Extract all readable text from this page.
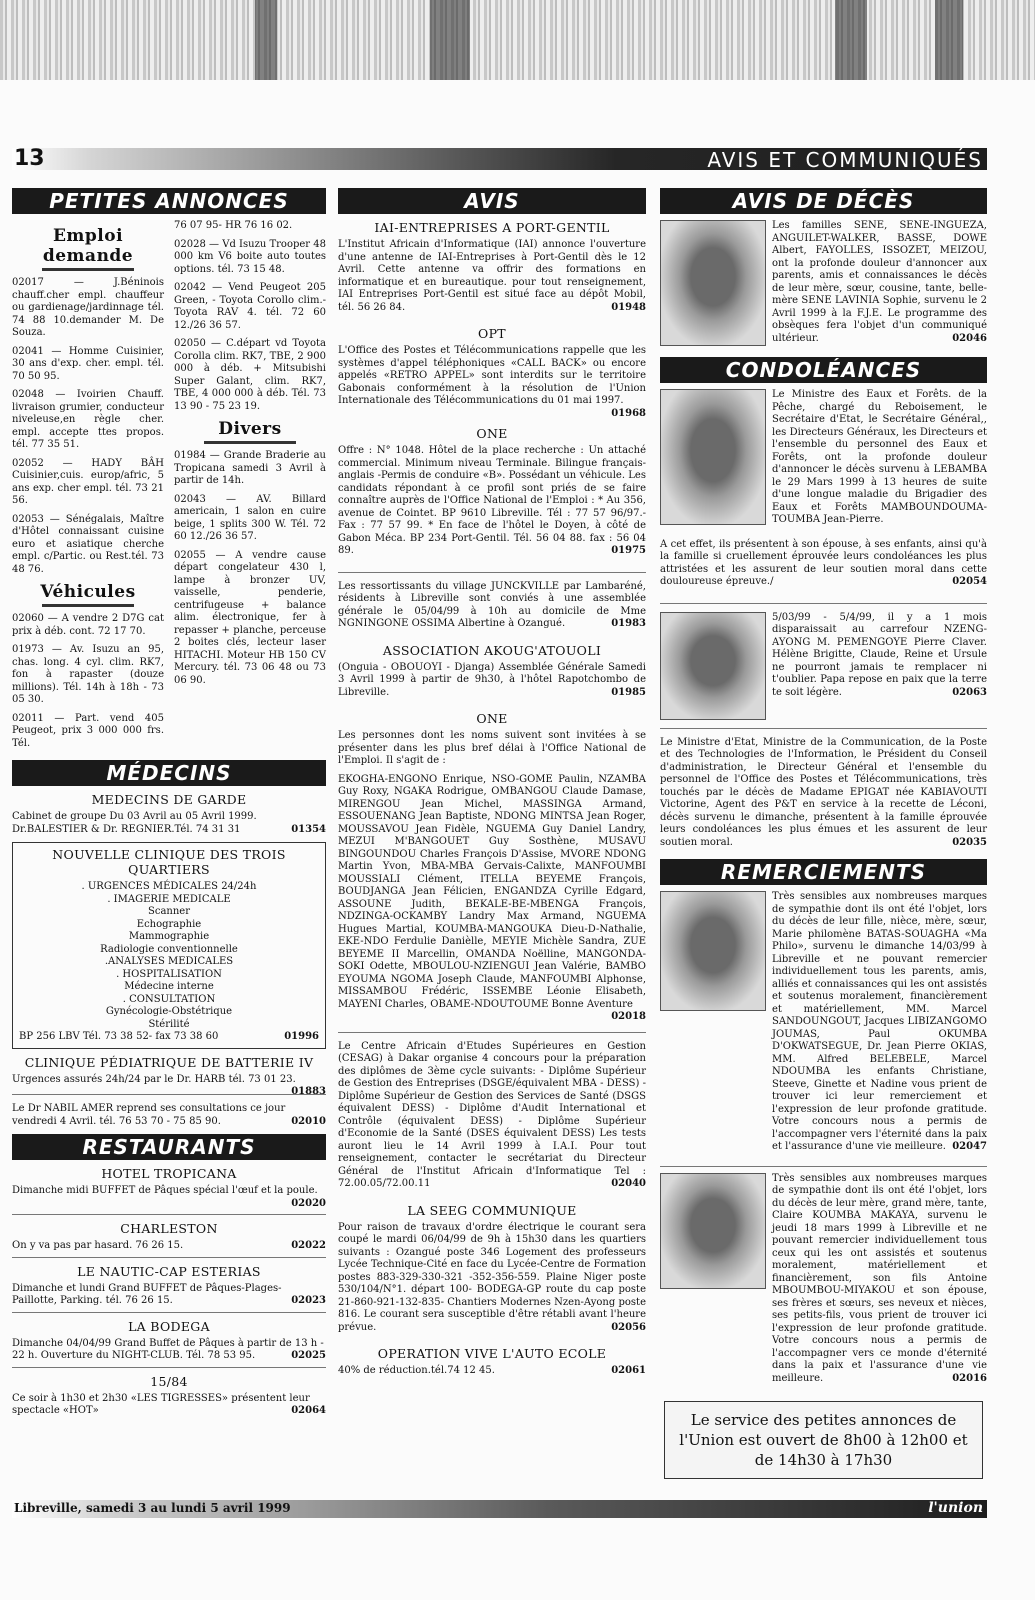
13	AVIS ET COMMUNIQUÉS
PETITES ANNONCES
Emploi demande

02017 — J.Béninois chauff.cher empl. chauffeur ou gardienage/jardinnage tél. 74 88 10.demander M. De Souza.

02041 — Homme Cuisinier, 30 ans d'exp. cher. empl. tél. 70 50 95.

02048 — Ivoirien Chauff. livraison grumier, conducteur niveleuse,en règle cher. empl. accepte ttes propos. tél. 77 35 51.

02052 — HADY BÂH Cuisinier,cuis. europ/afric, 5 ans exp. cher empl. tél. 73 21 56.

02053 — Sénégalais, Maître d'Hôtel connaissant cuisine euro et asiatique cherche empl. c/Partic. ou Rest.tél. 73 48 76.

Véhicules

02060 — A vendre 2 D7G cat prix à déb. cont. 72 17 70.

01973 — Av. Isuzu an 95, chas. long. 4 cyl. clim. RK7, fon à rapaster (douze millions). Tél. 14h à 18h - 73 05 30.

02011 — Part. vend 405 Peugeot, prix 3 000 000 frs. Tél.

76 07 95- HR 76 16 02.

02028 — Vd Isuzu Trooper 48 000 km V6 boite auto toutes options. tél. 73 15 48.

02042 — Vend Peugeot 205 Green, - Toyota Corollo clim.- Toyota RAV 4. tél. 72 60 12./26 36 57.

02050 — C.départ vd Toyota Corolla clim. RK7, TBE, 2 900 000 à déb. + Mitsubishi Super Galant, clim. RK7, TBE, 4 000 000 à déb. Tél. 73 13 90 - 75 23 19.

Divers

01984 — Grande Braderie au Tropicana samedi 3 Avril à partir de 14h.

02043 — AV. Billard americain, 1 salon en cuire beige, 1 splits 300 W. Tél. 72 60 12./26 36 57.

02055 — A vendre cause départ congelateur 430 l, lampe à bronzer UV, vaisselle, penderie, centrifugeuse + balance alim. électronique, fer à repasser + planche, perceuse 2 boites clés, lecteur laser HITACHI. Moteur HB 150 CV Mercury. tél. 73 06 48 ou 73 06 90.

MÉDECINS
MEDECINS DE GARDE

Cabinet de groupe Du 03 Avril au 05 Avril 1999. Dr.BALESTIER & Dr. REGNIER.Tél. 74 31 31	01354

NOUVELLE CLINIQUE DES TROIS QUARTIERS

. URGENCES MÉDICALES 24/24h

. IMAGERIE MEDICALE

Scanner

Echographie

Mammographie

Radiologie conventionnelle

.ANALYSES MEDICALES

. HOSPITALISATION

Médecine interne

. CONSULTATION

Gynécologie-Obstétrique

Stérilité

BP 256 LBV Tél. 73 38 52- fax 73 38 60	01996

CLINIQUE PÉDIATRIQUE DE BATTERIE IV

Urgences assurés 24h/24 par le Dr. HARB tél. 73 01 23.
01883

Le Dr NABIL AMER reprend ses consultations ce jour vendredi 4 Avril. tél. 76 53 70 - 75 85 90.	02010

RESTAURANTS
HOTEL TROPICANA

Dimanche midi BUFFET de Pâques spécial l'œuf et la poule.

02020

CHARLESTON

On y va pas par hasard. 76 26 15.	02022

LE NAUTIC-CAP ESTERIAS

Dimanche et lundi Grand BUFFET de Pâques-Plages-Paillotte, Parking. tél. 76 26 15.	02023

LA BODEGA

Dimanche 04/04/99 Grand Buffet de Pâques à partir de 13 h - 22 h. Ouverture du NIGHT-CLUB. Tél. 78 53 95.	02025

15/84

Ce soir à 1h30 et 2h30 «LES TIGRESSES» présentent leur spectacle «HOT»	02064

AVIS
IAI-ENTREPRISES A PORT-GENTIL

L'Institut Africain d'Informatique (IAI) annonce l'ouverture d'une antenne de IAI-Entreprises à Port-Gentil dès le 12 Avril. Cette antenne va offrir des formations en informatique et en bureautique. pour tout renseignement, IAI Entreprises Port-Gentil est situé face au dépôt Mobil, tél. 56 26 84.	01948

OPT

L'Office des Postes et Télécommunications rappelle que les systèmes d'appel téléphoniques «CALL BACK» ou encore appelés «RETRO APPEL» sont interdits sur le territoire Gabonais conformément à la résolution de l'Union Internationale des Télécommunications du 01 mai 1997.
01968

ONE

Offre : N° 1048. Hôtel de la place recherche : Un attaché commercial. Minimum niveau Terminale. Bilingue français-anglais -Permis de conduire «B». Possédant un véhicule. Les candidats répondant à ce profil sont priés de se faire connaître auprès de l'Office National de l'Emploi : * Au 356, avenue de Cointet. BP 9610 Libreville. Tél : 77 57 96/97.- Fax : 77 57 99. * En face de l'hôtel le Doyen, à côté de Gabon Méca. BP 234 Port-Gentil. Tél. 56 04 88. fax : 56 04 89.	01975

Les ressortissants du village JUNCKVILLE par Lambaréné, résidents à Libreville sont conviés à une assemblée générale le 05/04/99 à 10h au domicile de Mme NGNINGONE OSSIMA Albertine à Ozangué.	01983

ASSOCIATION AKOUG'ATOUOLI

(Onguia - OBOUOYI - Djanga) Assemblée Générale Samedi 3 Avril 1999 à partir de 9h30, à l'hôtel Rapotchombo de Libreville.	01985

ONE

Les personnes dont les noms suivent sont invitées à se présenter dans les plus bref délai à l'Office National de l'Emploi. Il s'agit de :

EKOGHA-ENGONO Enrique, NSO-GOME Paulin, NZAMBA Guy Roxy, NGAKA Rodrigue, OMBANGOU Claude Damase, MIRENGOU Jean Michel, MASSINGA Armand, ESSOUENANG Jean Baptiste, NDONG MINTSA Jean Roger, MOUSSAVOU Jean Fidèle, NGUEMA Guy Daniel Landry, MEZUI M'BANGOUET Guy Sosthène, MUSAVU BINGOUNDOU Charles François D'Assise, MVORE NDONG Martin Yvon, MBA-MBA Gervais-Calixte, MANFOUMBI MOUSSIALI Clément, ITELLA BEYEME François, BOUDJANGA Jean Félicien, ENGANDZA Cyrille Edgard, ASSOUNE Judith, BEKALE-BE-MBENGA François, NDZINGA-OCKAMBY Landry Max Armand, NGUEMA Hugues Martial, KOUMBA-MANGOUKA Dieu-D-Nathalie, EKE-NDO Ferdulie Danièlle, MEYIE Michèle Sandra, ZUE BEYEME II Marcellin, OMANDA Noëlline, MANGONDA-SOKI Odette, MBOULOU-NZIENGUI Jean Valérie, BAMBO EYOUMA NGOMA Joseph Claude, MANFOUMBI Alphonse, MISSAMBOU Frédéric, ISSEMBE Léonie Elisabeth, MAYENI Charles, OBAME-NDOUTOUME Bonne Aventure
02018

Le Centre Africain d'Etudes Supérieures en Gestion (CESAG) à Dakar organise 4 concours pour la préparation des diplômes de 3ème cycle suivants: - Diplôme Supérieur de Gestion des Entreprises (DSGE/équivalent MBA - DESS) - Diplôme Supérieur de Gestion des Services de Santé (DSGS équivalent DESS) - Diplôme d'Audit International et Contrôle (équivalent DESS) - Diplôme Supérieur d'Economie de la Santé (DSES équivalent DESS) Les tests auront lieu le 14 Avril 1999 à I.A.I. Pour tout renseignement, contacter le secrétariat du Directeur Général de l'Institut Africain d'Informatique Tel : 72.00.05/72.00.11	02040

LA SEEG COMMUNIQUE

Pour raison de travaux d'ordre électrique le courant sera coupé le mardi 06/04/99 de 9h à 15h30 dans les quartiers suivants : Ozangué poste 346 Logement des professeurs Lycée Technique-Cité en face du Lycée-Centre de Formation postes 883-329-330-321 -352-356-559. Plaine Niger poste 530/104/N°1. départ 100- BODEGA-GP route du cap poste 21-860-921-132-835- Chantiers Modernes Nzen-Ayong poste 816. Le courant sera susceptible d'être rétabli avant l'heure prévue.	02056

OPERATION VIVE L'AUTO ECOLE

40% de réduction.tél.74 12 45.	02061

AVIS DE DÉCÈS

Les familles SENE, SENE-INGUEZA, ANGUILET-WALKER, BASSE, DOWE Albert, FAYOLLES, ISSOZET, MEIZOU, ont la profonde douleur d'annoncer aux parents, amis et connaissances le décès de leur mère, sœur, cousine, tante, belle-mère SENE LAVINIA Sophie, survenu le 2 Avril 1999 à la F.J.E. Le programme des obsèques fera l'objet d'un communiqué ultérieur.	02046

CONDOLÉANCES

Le Ministre des Eaux et Forêts. de la Pêche, chargé du Reboisement, le Secrétaire d'Etat, le Secrétaire Général,, les Directeurs Généraux, les Directeurs et l'ensemble du personnel des Eaux et Forêts, ont la profonde douleur d'annoncer le décès survenu à LEBAMBA le 29 Mars 1999 à 13 heures de suite d'une longue maladie du Brigadier des Eaux et Forêts MAMBOUNDOUMA-TOUMBA Jean-Pierre.

A cet effet, ils présentent à son épouse, à ses enfants, ainsi qu'à la famille si cruellement éprouvée leurs condoléances les plus attristées et les assurent de leur soutien moral dans cette douloureuse épreuve./	02054

5/03/99 - 5/4/99, il y a 1 mois disparaissait au carrefour NZENG-AYONG M. PEMENGOYE Pierre Claver. Hélène Brigitte, Claude, Reine et Ursule ne pourront jamais te remplacer ni t'oublier. Papa repose en paix que la terre te soit légère.	02063

Le Ministre d'Etat, Ministre de la Communication, de la Poste et des Technologies de l'Information, le Président du Conseil d'administration, le Directeur Général et l'ensemble du personnel de l'Office des Postes et Télécommunications, très touchés par le décès de Madame EPIGAT née KABIAVOUTI Victorine, Agent des P&T en service à la recette de Léconi, décès survenu le dimanche, présentent à la famille éprouvée leurs condoléances les plus émues et les assurent de leur soutien moral.	02035

REMERCIEMENTS

Très sensibles aux nombreuses marques de sympathie dont ils ont été l'objet, lors du décès de leur fille, nièce, mère, sœur, Marie philomène BATAS-SOUAGHA «Ma Philo», survenu le dimanche 14/03/99 à Libreville et ne pouvant remercier individuellement tous les parents, amis, alliés et connaissances qui les ont assistés et soutenus moralement, financièrement et matériellement, MM. Marcel SANDOUNGOUT, Jacques LIBIZANGOMO JOUMAS, Paul OKUMBA D'OKWATSEGUE, Dr. Jean Pierre OKIAS, MM. Alfred BELEBELE, Marcel NDOUMBA les enfants Christiane, Steeve, Ginette et Nadine vous prient de trouver ici leur remerciement et l'expression de leur profonde gratitude. Votre concours nous a permis de l'accompagner vers l'éternité dans la paix et l'assurance d'une vie meilleure. 02047

Très sensibles aux nombreuses marques de sympathie dont ils ont été l'objet, lors du décès de leur mère, grand mère, tante, Claire KOUMBA MAKAYA, survenu le jeudi 18 mars 1999 à Libreville et ne pouvant remercier individuellement tous ceux qui les ont assistés et soutenus moralement, matériellement et financièrement, son fils Antoine MBOUMBOU-MIYAKOU et son épouse, ses frères et sœurs, ses neveux et nièces, ses petits-fils, vous prient de trouver ici l'expression de leur profonde gratitude. Votre concours nous a permis de l'accompagner vers ce monde d'éternité dans la paix et l'assurance d'une vie meilleure.	02016

Le service des petites annonces de l'Union est ouvert de 8h00 à 12h00 et de 14h30 à 17h30
Libreville, samedi 3 au lundi 5 avril 1999	l'union
